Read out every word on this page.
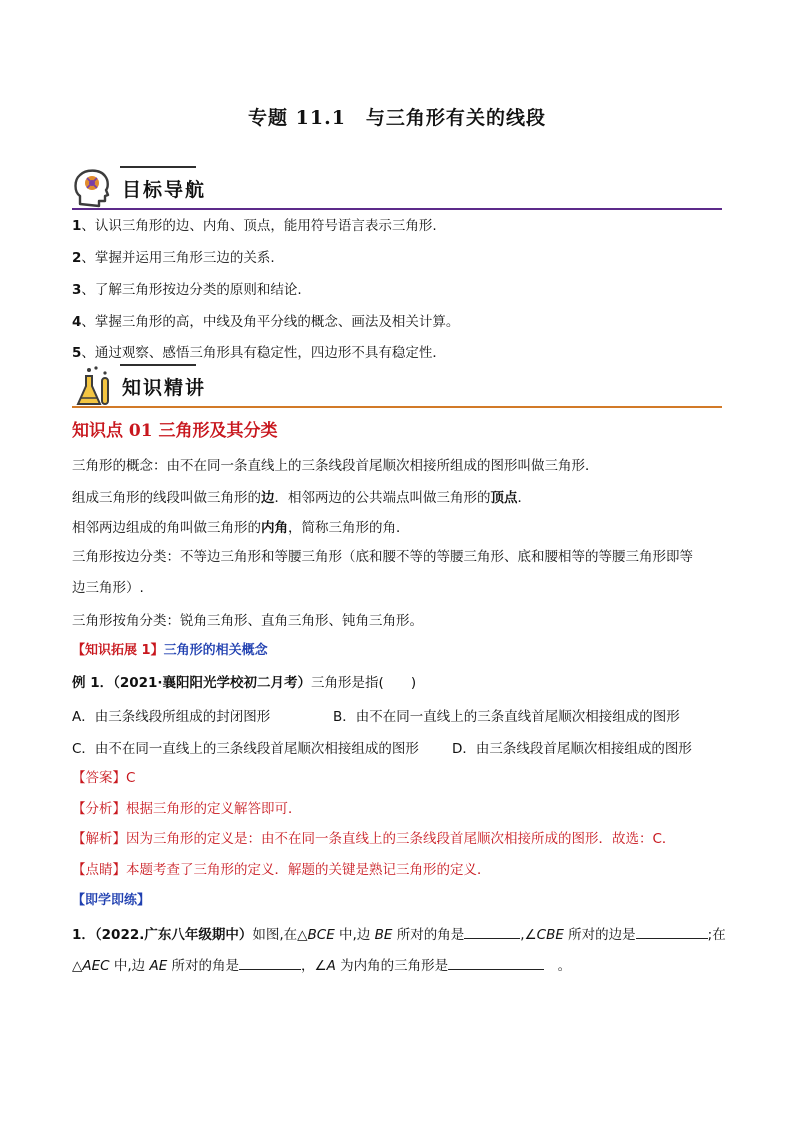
专题 11.1　与三角形有关的线段
目标导航
1、认识三角形的边、内角、顶点，能用符号语言表示三角形.
2、掌握并运用三角形三边的关系.
3、了解三角形按边分类的原则和结论.
4、掌握三角形的高，中线及角平分线的概念、画法及相关计算。
5、通过观察、感悟三角形具有稳定性，四边形不具有稳定性．
知识精讲
知识点 01 三角形及其分类
三角形的概念：由不在同一条直线上的三条线段首尾顺次相接所组成的图形叫做三角形．
组成三角形的线段叫做三角形的边．相邻两边的公共端点叫做三角形的顶点．
相邻两边组成的角叫做三角形的内角，简称三角形的角．
三角形按边分类：不等边三角形和等腰三角形（底和腰不等的等腰三角形、底和腰相等的等腰三角形即等
边三角形）.
三角形按角分类：锐角三角形、直角三角形、钝角三角形。
【知识拓展 1】三角形的相关概念
例 1．（2021·襄阳阳光学校初二月考）三角形是指(　　)
A．由三条线段所组成的封闭图形	B．由不在同一直线上的三条直线首尾顺次相接组成的图形
C．由不在同一直线上的三条线段首尾顺次相接组成的图形 D．由三条线段首尾顺次相接组成的图形
【答案】C
【分析】根据三角形的定义解答即可．
【解析】因为三角形的定义是：由不在同一条直线上的三条线段首尾顺次相接所成的图形．故选：C．
【点睛】本题考查了三角形的定义．解题的关键是熟记三角形的定义．
【即学即练】
1．（2022.广东八年级期中）如图,在△BCE 中,边 BE 所对的角是	,∠CBE 所对的边是	;在
△AEC 中,边 AE 所对的角是	，∠A 为内角的三角形是	　。
